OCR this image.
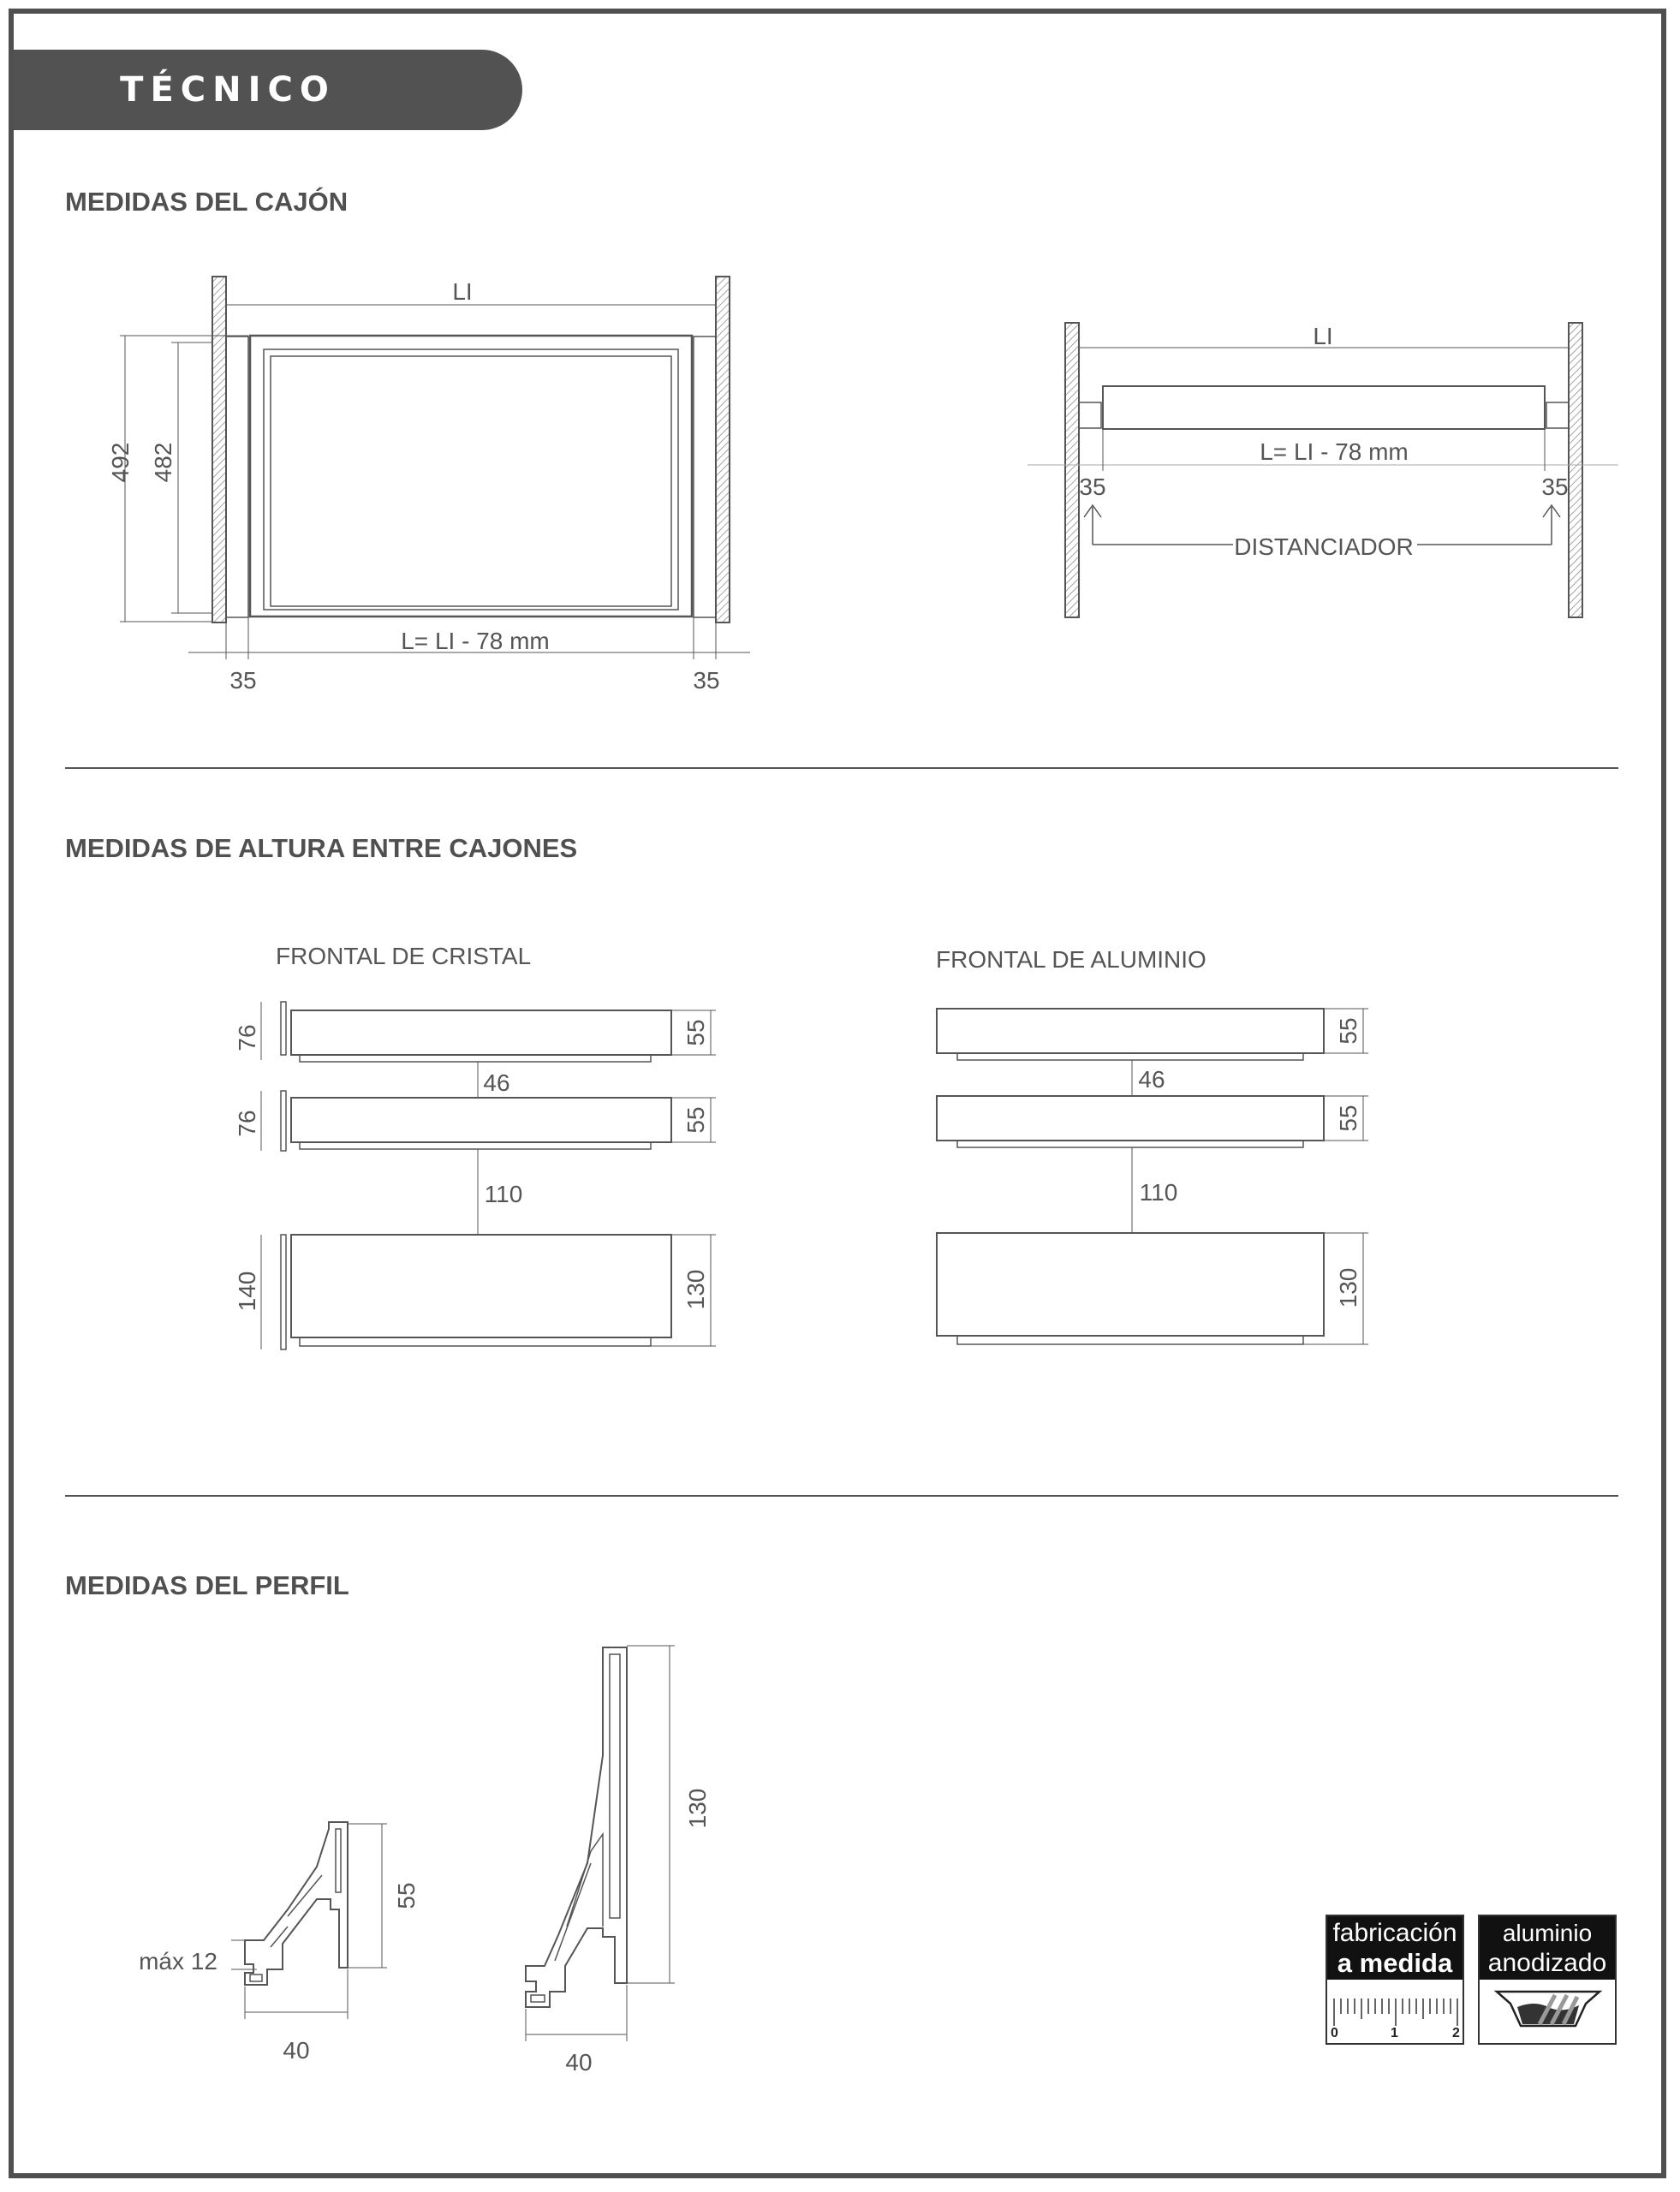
TÉCNICO
MEDIDAS DEL CAJÓN
MEDIDAS DE ALTURA ENTRE CAJONES
MEDIDAS DEL PERFIL
LI
492 482
L= LI - 78 mm
35	35
LI
L= LI - 78 mm
35	35
DISTANCIADOR
FRONTAL DE CRISTAL
76	55
46
76	55
110
140	130
FRONTAL DE ALUMINIO
55
46
55
110
130
55
40
máx 12
130
40
fabricación
a medida
0	1	2
aluminio
anodizado
